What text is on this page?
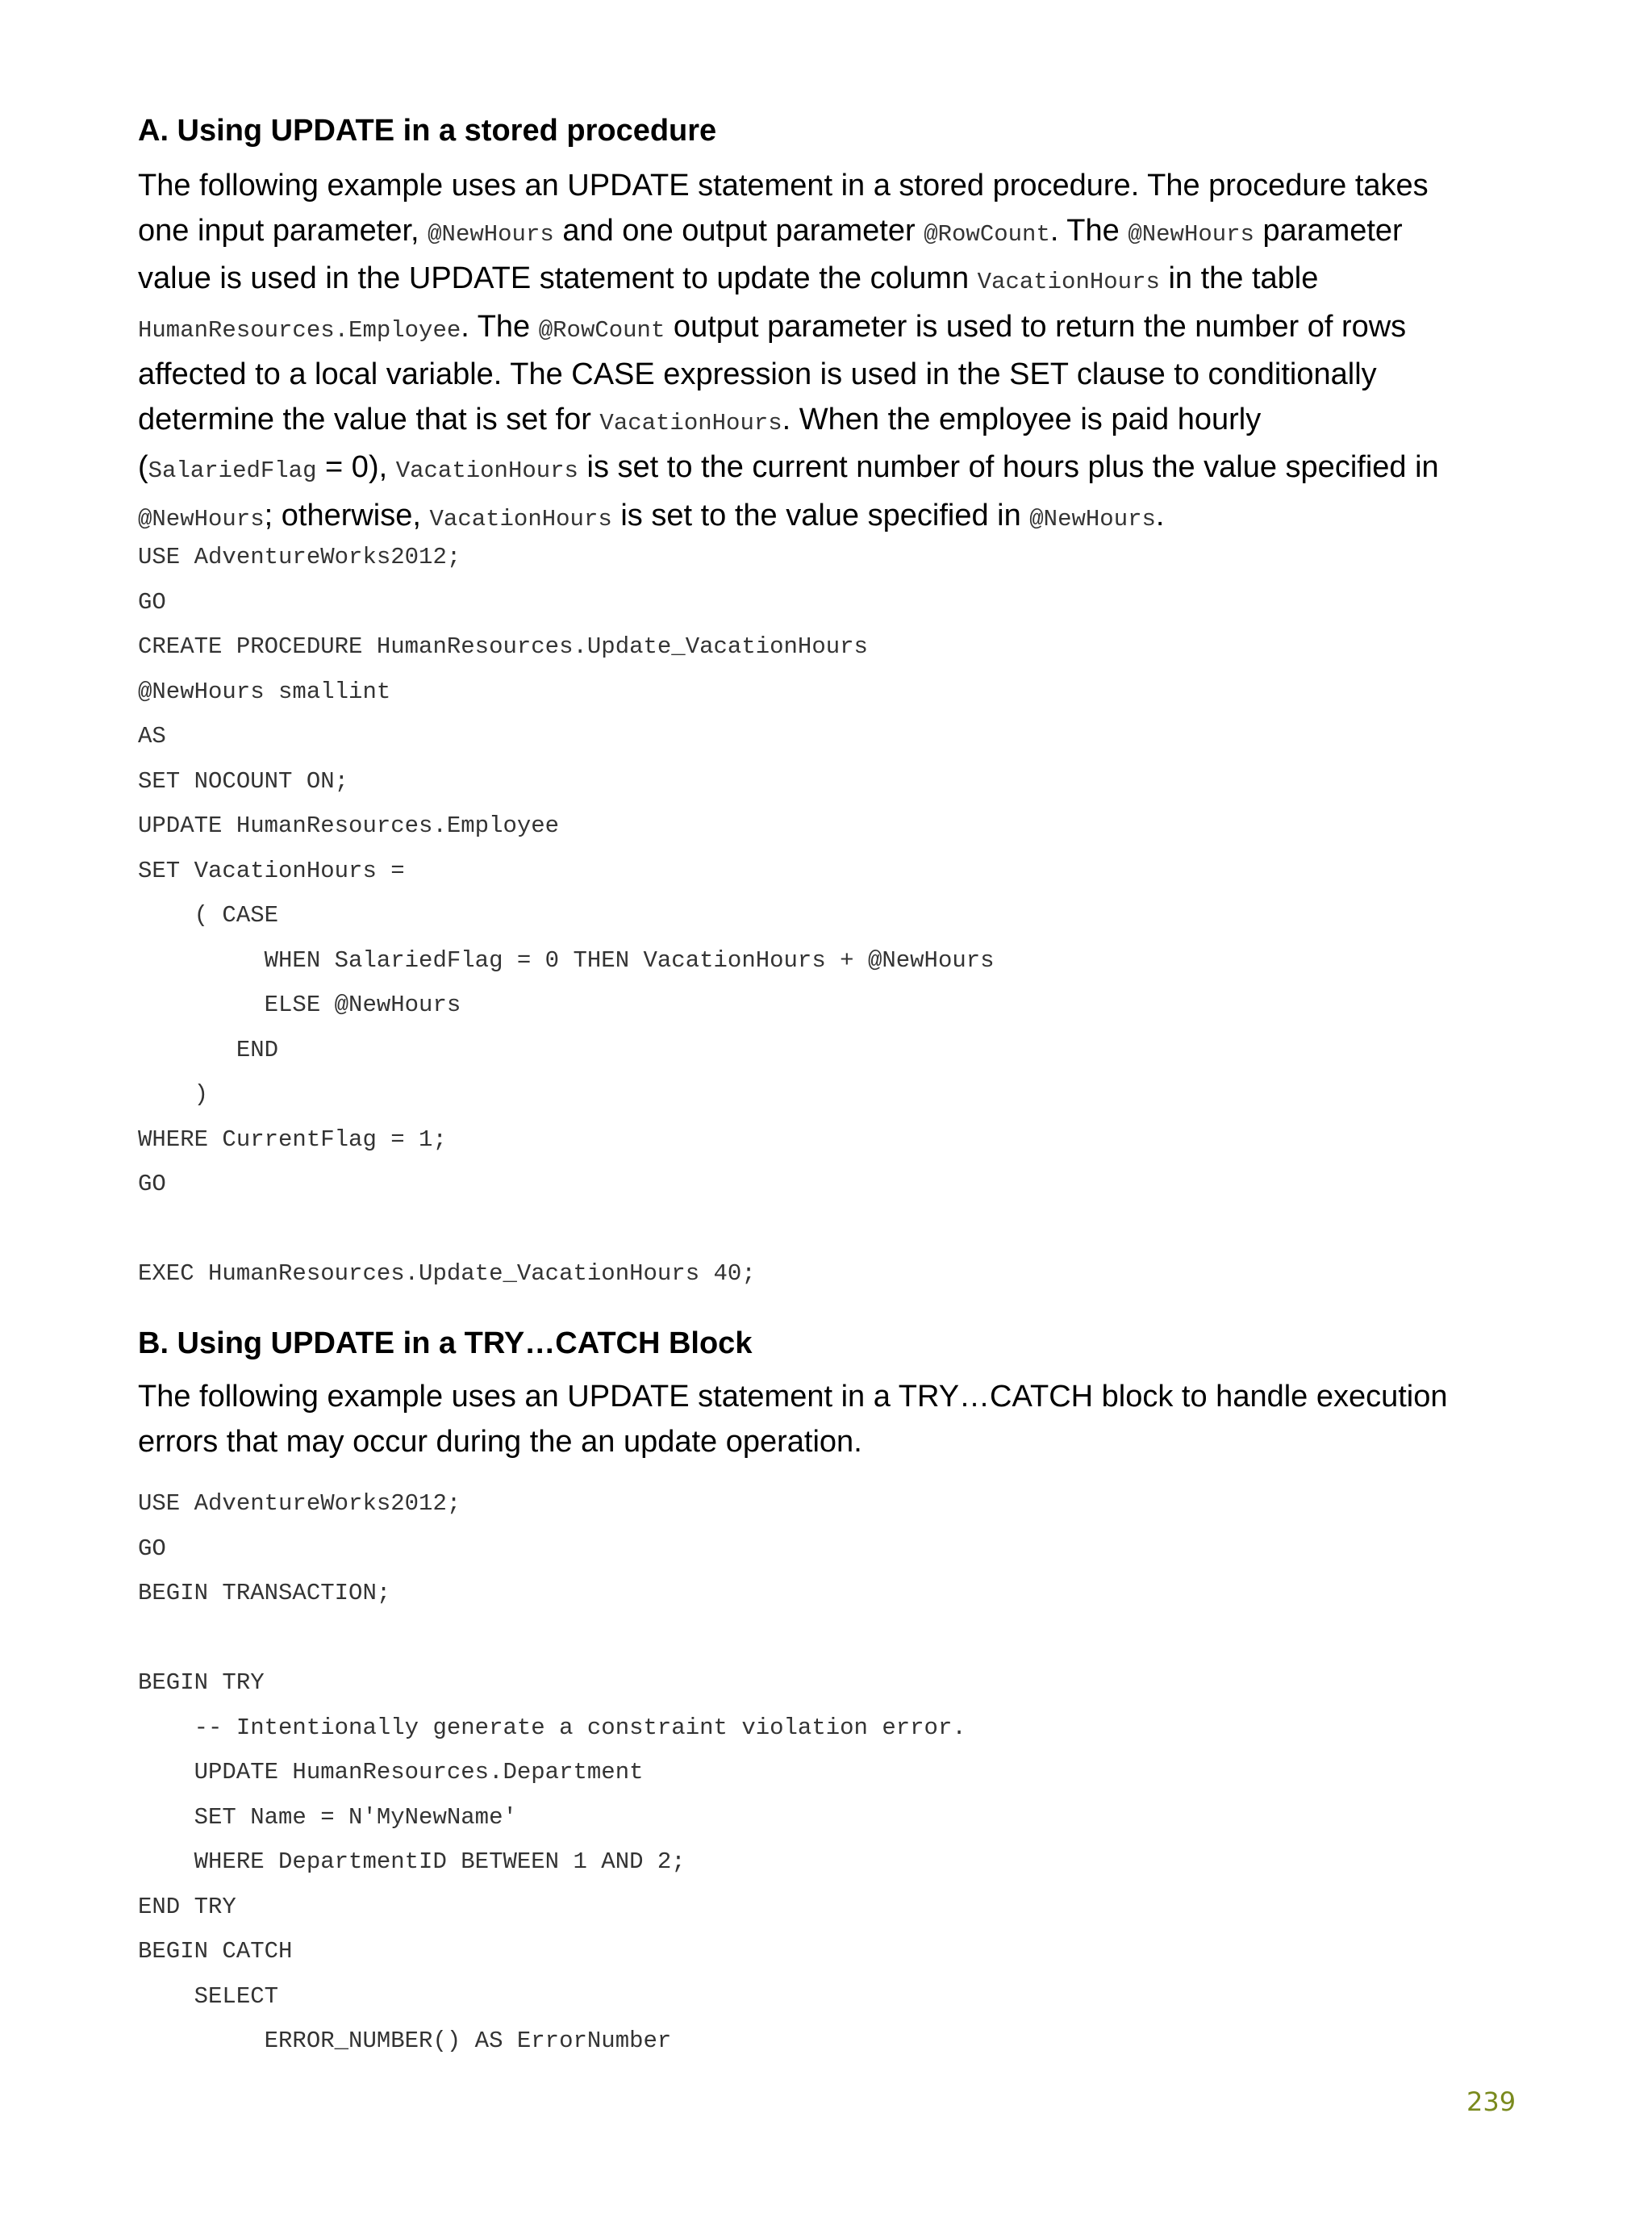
A. Using UPDATE in a stored procedure
The following example uses an UPDATE statement in a stored procedure. The procedure takes
one input parameter, @NewHours and one output parameter @RowCount. The @NewHours parameter
value is used in the UPDATE statement to update the column VacationHours in the table
HumanResources.Employee. The @RowCount output parameter is used to return the number of rows
affected to a local variable. The CASE expression is used in the SET clause to conditionally
determine the value that is set for VacationHours. When the employee is paid hourly
(SalariedFlag = 0), VacationHours is set to the current number of hours plus the value specified in
@NewHours; otherwise, VacationHours is set to the value specified in @NewHours.
USE AdventureWorks2012;
GO
CREATE PROCEDURE HumanResources.Update_VacationHours
@NewHours smallint
AS
SET NOCOUNT ON;
UPDATE HumanResources.Employee
SET VacationHours =
( CASE
WHEN SalariedFlag = 0 THEN VacationHours + @NewHours
ELSE @NewHours
END
)
WHERE CurrentFlag = 1;
GO
EXEC HumanResources.Update_VacationHours 40;
B. Using UPDATE in a TRY…CATCH Block
The following example uses an UPDATE statement in a TRY…CATCH block to handle execution
errors that may occur during the an update operation.
USE AdventureWorks2012;
GO
BEGIN TRANSACTION;
BEGIN TRY
-- Intentionally generate a constraint violation error.
UPDATE HumanResources.Department
SET Name = N'MyNewName'
WHERE DepartmentID BETWEEN 1 AND 2;
END TRY
BEGIN CATCH
SELECT
ERROR_NUMBER() AS ErrorNumber
239
